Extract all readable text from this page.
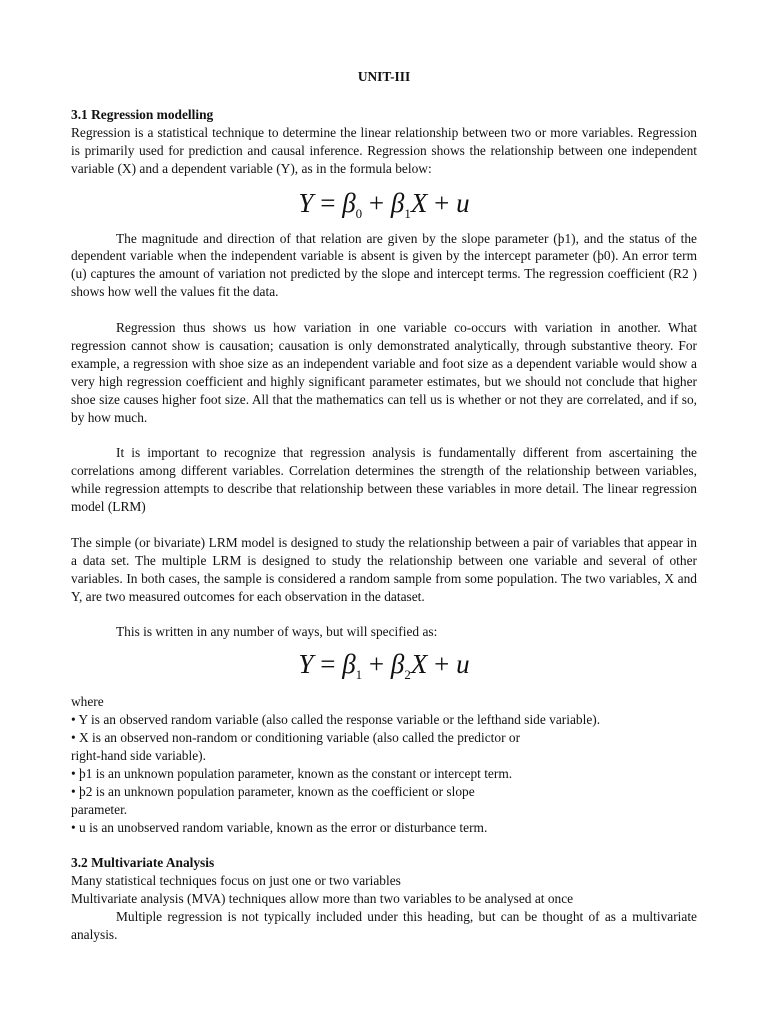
UNIT-III
3.1 Regression modelling

Regression is a statistical technique to determine the linear relationship between two or more variables. Regression is primarily used for prediction and causal inference. Regression shows the relationship between one independent variable (X) and a dependent variable (Y), as in the formula below:

$Y = \beta_0 + \beta_1X + u$

The magnitude and direction of that relation are given by the slope parameter (þ1), and the status of the dependent variable when the independent variable is absent is given by the intercept parameter (þ0). An error term (u) captures the amount of variation not predicted by the slope and intercept terms. The regression coefficient (R2 ) shows how well the values fit the data.

Regression thus shows us how variation in one variable co-occurs with variation in another. What regression cannot show is causation; causation is only demonstrated analytically, through substantive theory. For example, a regression with shoe size as an independent variable and foot size as a dependent variable would show a very high regression coefficient and highly significant parameter estimates, but we should not conclude that higher shoe size causes higher foot size. All that the mathematics can tell us is whether or not they are correlated, and if so, by how much.

It is important to recognize that regression analysis is fundamentally different from ascertaining the correlations among different variables. Correlation determines the strength of the relationship between variables, while regression attempts to describe that relationship between these variables in more detail. The linear regression model (LRM)

The simple (or bivariate) LRM model is designed to study the relationship between a pair of variables that appear in a data set. The multiple LRM is designed to study the relationship between one variable and several of other variables. In both cases, the sample is considered a random sample from some population. The two variables, X and Y, are two measured outcomes for each observation in the dataset.

This is written in any number of ways, but will specified as:

$Y = \beta_1 + \beta_2X + u$

where

• Y is an observed random variable (also called the response variable or the lefthand side variable).
• X is an observed non-random or conditioning variable (also called the predictor or
right-hand side variable).
• þ1 is an unknown population parameter, known as the constant or intercept term.
• þ2 is an unknown population parameter, known as the coefficient or slope
parameter.
• u is an unobserved random variable, known as the error or disturbance term.
3.2 Multivariate Analysis
Many statistical techniques focus on just one or two variables
Multivariate analysis (MVA) techniques allow more than two variables to be analysed at once

Multiple regression is not typically included under this heading, but can be thought of as a multivariate analysis.
